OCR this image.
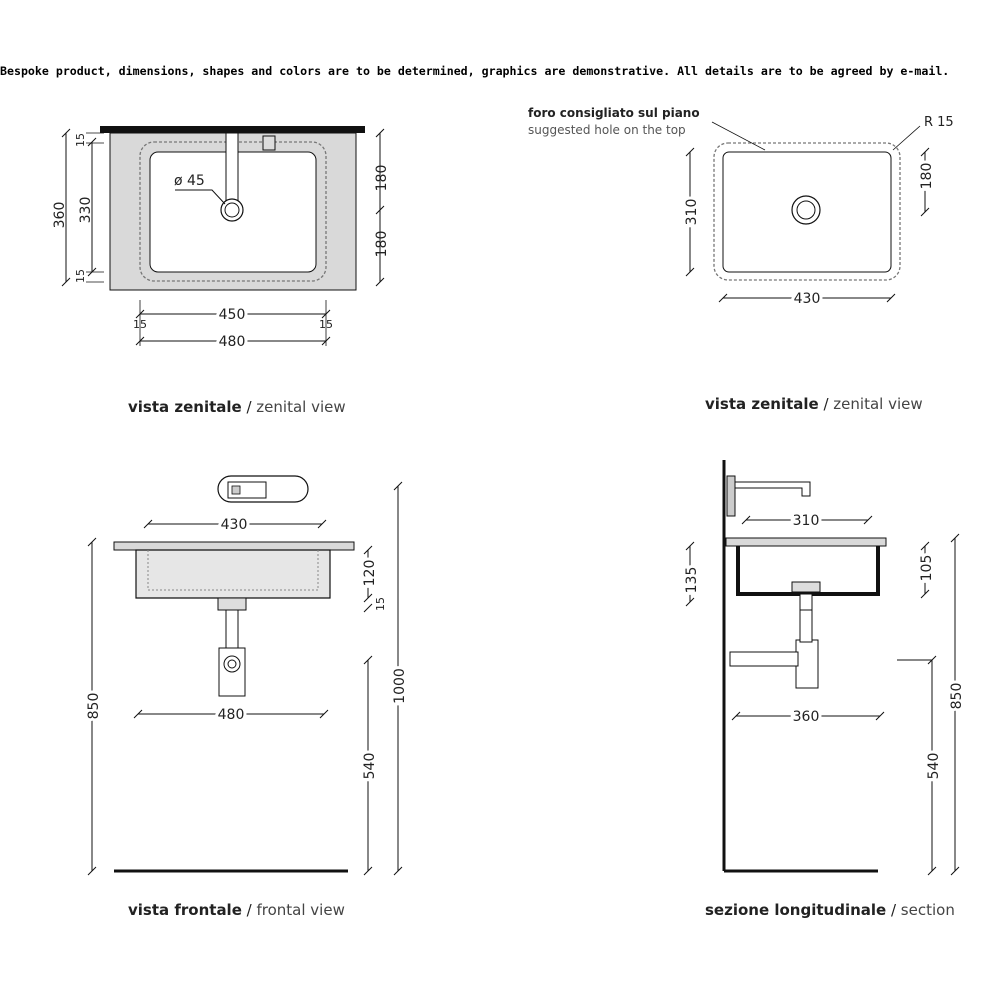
Bespoke product, dimensions, shapes and colors are to be determined, graphics are demonstrative. All details are to be agreed by e-mail.
ø 45
360 330
15
15
180
180
450
15	15
480
310
180
430
430
480
850
120
15
540
1000
310
360
135	105
850
540
foro consigliato sul piano
suggested hole on the top	R 15
vista zenitale / zenital view	vista zenitale / zenital view
vista frontale / frontal view	sezione longitudinale / section
